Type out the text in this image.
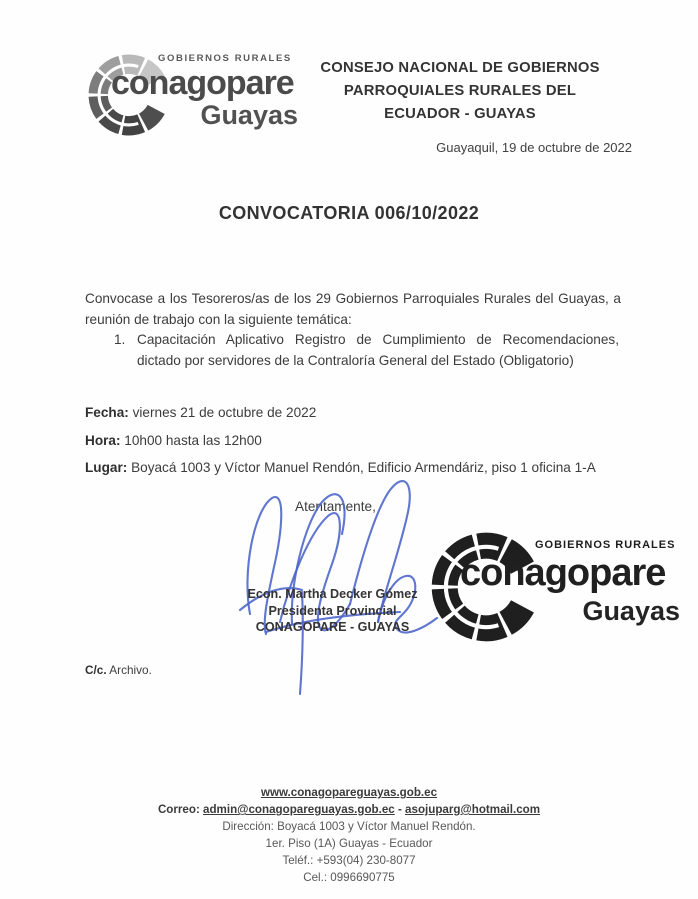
GOBIERNOS RURALES
conagopare
Guayas
CONSEJO NACIONAL DE GOBIERNOS
PARROQUIALES RURALES DEL
ECUADOR - GUAYAS
Guayaquil, 19 de octubre de 2022
CONVOCATORIA 006/10/2022

Convocase a los Tesoreros/as de los 29 Gobiernos Parroquiales Rurales del Guayas, a reunión de trabajo con la siguiente temática:

1. Capacitación Aplicativo Registro de Cumplimiento de Recomendaciones, dictado por servidores de la Contraloría General del Estado (Obligatorio)

Fecha: viernes 21 de octubre de 2022

Hora: 10h00 hasta las 12h00

Lugar: Boyacá 1003 y Víctor Manuel Rendón, Edificio Armendáriz, piso 1 oficina 1-A

Atentamente,
Econ. Martha Decker Gómez
Presidenta Provincial
CONAGOPARE - GUAYAS
GOBIERNOS RURALES
conagopare
Guayas

C/c. Archivo.

www.conagopareguayas.gob.ec
Correo: admin@conagopareguayas.gob.ec - asojuparg@hotmail.com
Dirección: Boyacá 1003 y Víctor Manuel Rendón.
1er. Piso (1A) Guayas - Ecuador
Teléf.: +593(04) 230-8077
Cel.: 0996690775
